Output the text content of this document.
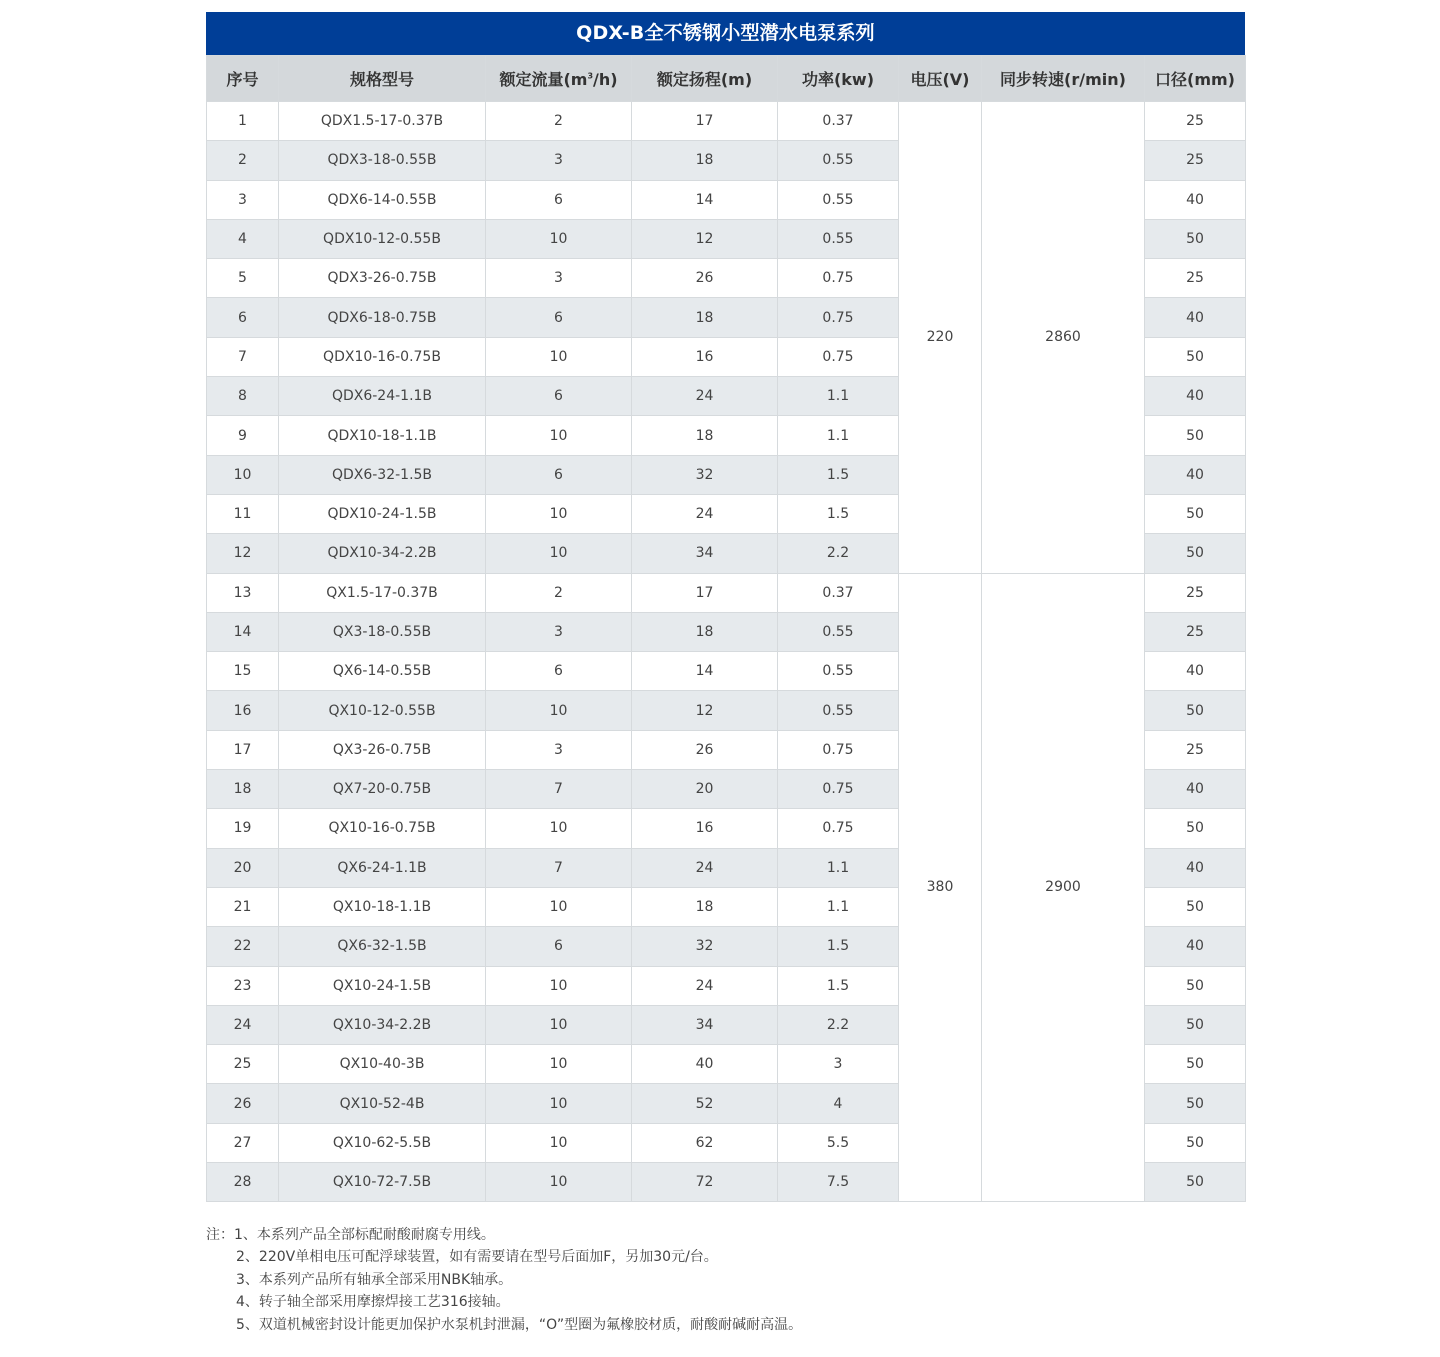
QDX-B全不锈钢小型潜水电泵系列
序号	规格型号	额定流量$(m^3/h)$	额定扬程(m)	功率(kw)	电压(V)	同步转速(r/min)	口径(mm)
1	QDX1.5-17-0.37B	2	17	0.37	220	2860	25
2	QDX3-18-0.55B	3	18	0.55			25
3	QDX6-14-0.55B	6	14	0.55			40
4	QDX10-12-0.55B	10	12	0.55			50
5	QDX3-26-0.75B	3	26	0.75			25
6	QDX6-18-0.75B	6	18	0.75			40
7	QDX10-16-0.75B	10	16	0.75			50
8	QDX6-24-1.1B	6	24	1.1			40
9	QDX10-18-1.1B	10	18	1.1			50
10	QDX6-32-1.5B	6	32	1.5			40
11	QDX10-24-1.5B	10	24	1.5			50
12	QDX10-34-2.2B	10	34	2.2			50
13	QX1.5-17-0.37B	2	17	0.37	380	2900	25
14	QX3-18-0.55B	3	18	0.55			25
15	QX6-14-0.55B	6	14	0.55			40
16	QX10-12-0.55B	10	12	0.55			50
17	QX3-26-0.75B	3	26	0.75			25
18	QX7-20-0.75B	7	20	0.75			40
19	QX10-16-0.75B	10	16	0.75			50
20	QX6-24-1.1B	7	24	1.1			40
21	QX10-18-1.1B	10	18	1.1			50
22	QX6-32-1.5B	6	32	1.5			40
23	QX10-24-1.5B	10	24	1.5			50
24	QX10-34-2.2B	10	34	2.2			50
25	QX10-40-3B	10	40	3			50
26	QX10-52-4B	10	52	4			50
27	QX10-62-5.5B	10	62	5.5			50
28	QX10-72-7.5B	10	72	7.5			50
注：1、本系列产品全部标配耐酸耐腐专用线。
2、220V单相电压可配浮球装置，如有需要请在型号后面加F，另加30元/台。
3、本系列产品所有轴承全部采用NBK轴承。
4、转子轴全部采用摩擦焊接工艺316接轴。
5、双道机械密封设计能更加保护水泵机封泄漏，“O”型圈为氟橡胶材质，耐酸耐碱耐高温。
